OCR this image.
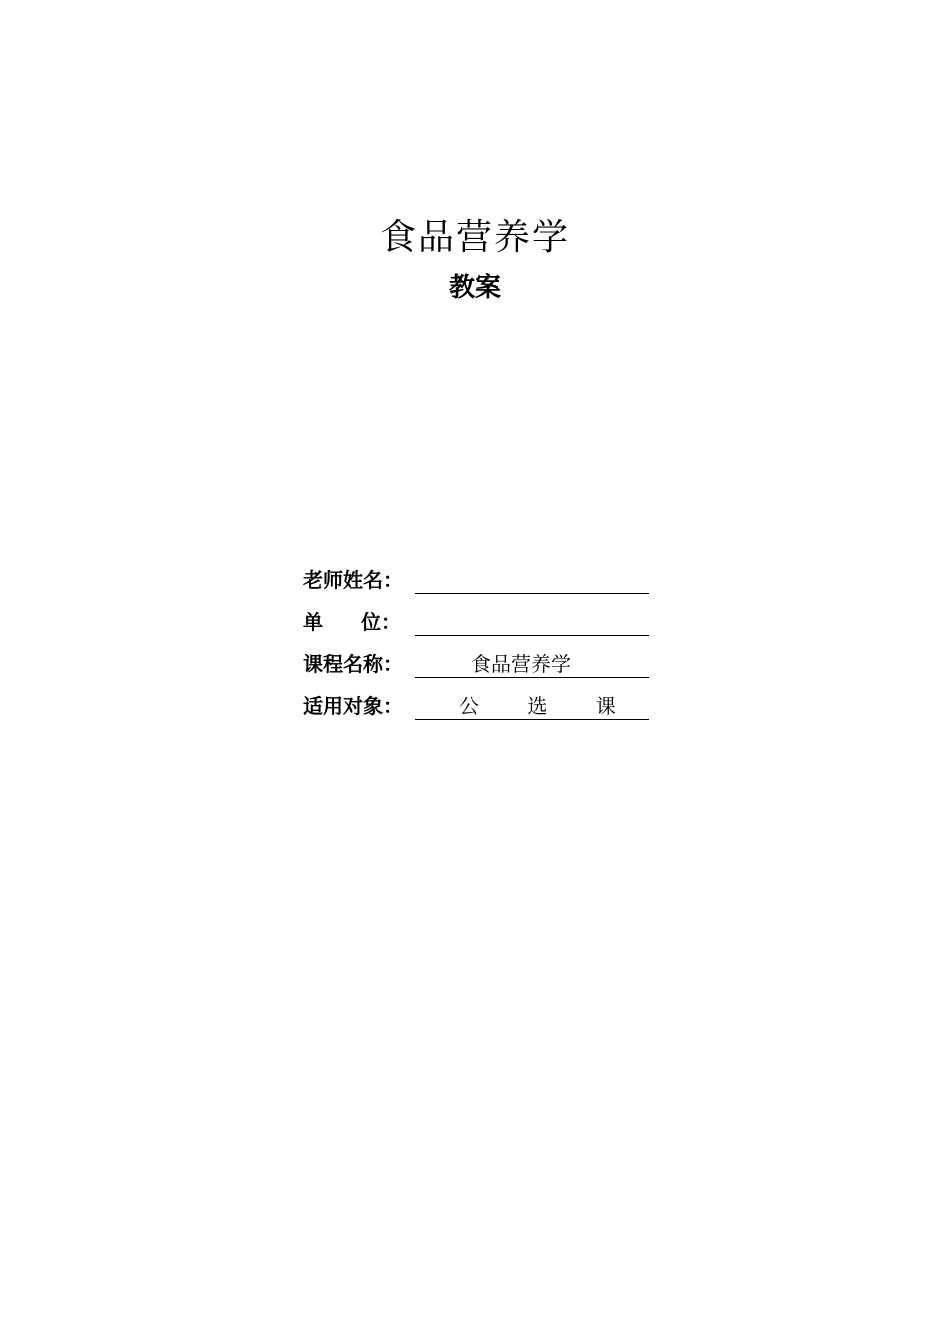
食品营养学
教案
老师姓名：
单 位：
课程名称：	食品营养学
适用对象：	公　 选 　课
